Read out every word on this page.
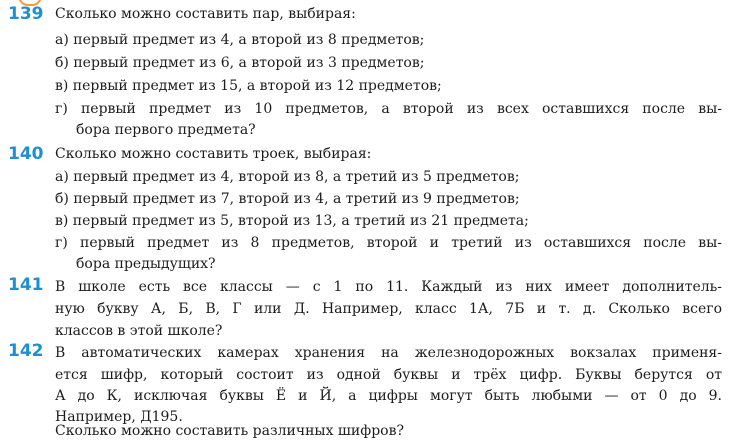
139 Сколько можно составить пар, выбирая:
а) первый предмет из 4, а второй из 8 предметов;
б) первый предмет из 6, а второй из 3 предметов;
в) первый предмет из 15, а второй из 12 предметов;
г) первый предмет из 10 предметов, а второй из всех оставшихся после вы-
бора первого предмета?
140 Сколько можно составить троек, выбирая:
а) первый предмет из 4, второй из 8, а третий из 5 предметов;
б) первый предмет из 7, второй из 4, а третий из 9 предметов;
в) первый предмет из 5, второй из 13, а третий из 21 предмета;
г) первый предмет из 8 предметов, второй и третий из оставшихся после вы-
бора предыдущих?
141 В школе есть все классы — с 1 по 11. Каждый из них имеет дополнитель-
ную букву А, Б, В, Г или Д. Например, класс 1А, 7Б и т. д. Сколько всего
классов в этой школе?
142 В автоматических камерах хранения на железнодорожных вокзалах применя-
ется шифр, который состоит из одной буквы и трёх цифр. Буквы берутся от
А до К, исключая буквы Ё и Й, а цифры могут быть любыми — от 0 до 9.
Например, Д195.
Сколько можно составить различных шифров?
